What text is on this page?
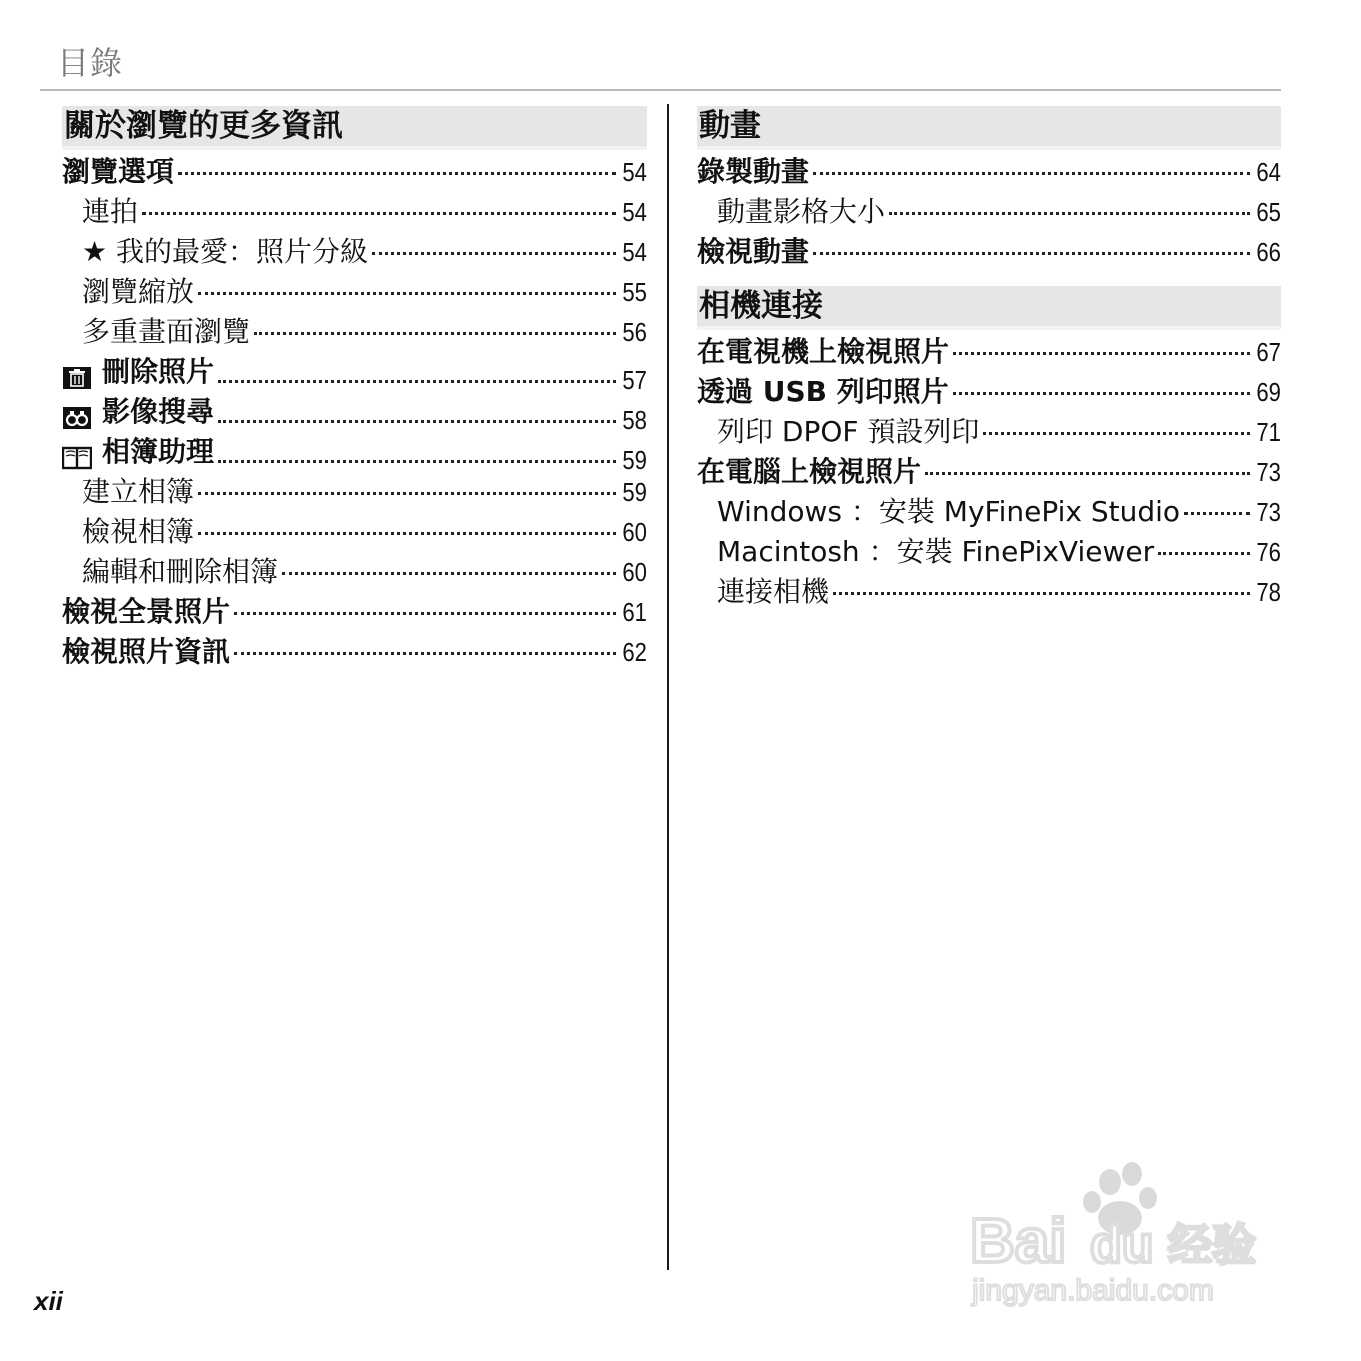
目錄
關於瀏覽的更多資訊
瀏覽選項	54
連拍	54
★ 我的最愛：照片分級	54
瀏覽縮放	55
多重畫面瀏覽	56
刪除照片	57
影像搜尋	58
相簿助理	59
建立相簿	59
檢視相簿	60
編輯和刪除相簿	60
檢視全景照片	61
檢視照片資訊	62
動畫
錄製動畫	64
動畫影格大小	65
檢視動畫	66
相機連接
在電視機上檢視照片	67
透過 USB 列印照片	69
列印 DPOF 預設列印	71
在電腦上檢視照片	73
Windows ：安裝 MyFinePix Studio	73
Macintosh ：安裝 FinePixViewer	76
連接相機	78
xii
Bai du 经验
jingyan.baidu.com
